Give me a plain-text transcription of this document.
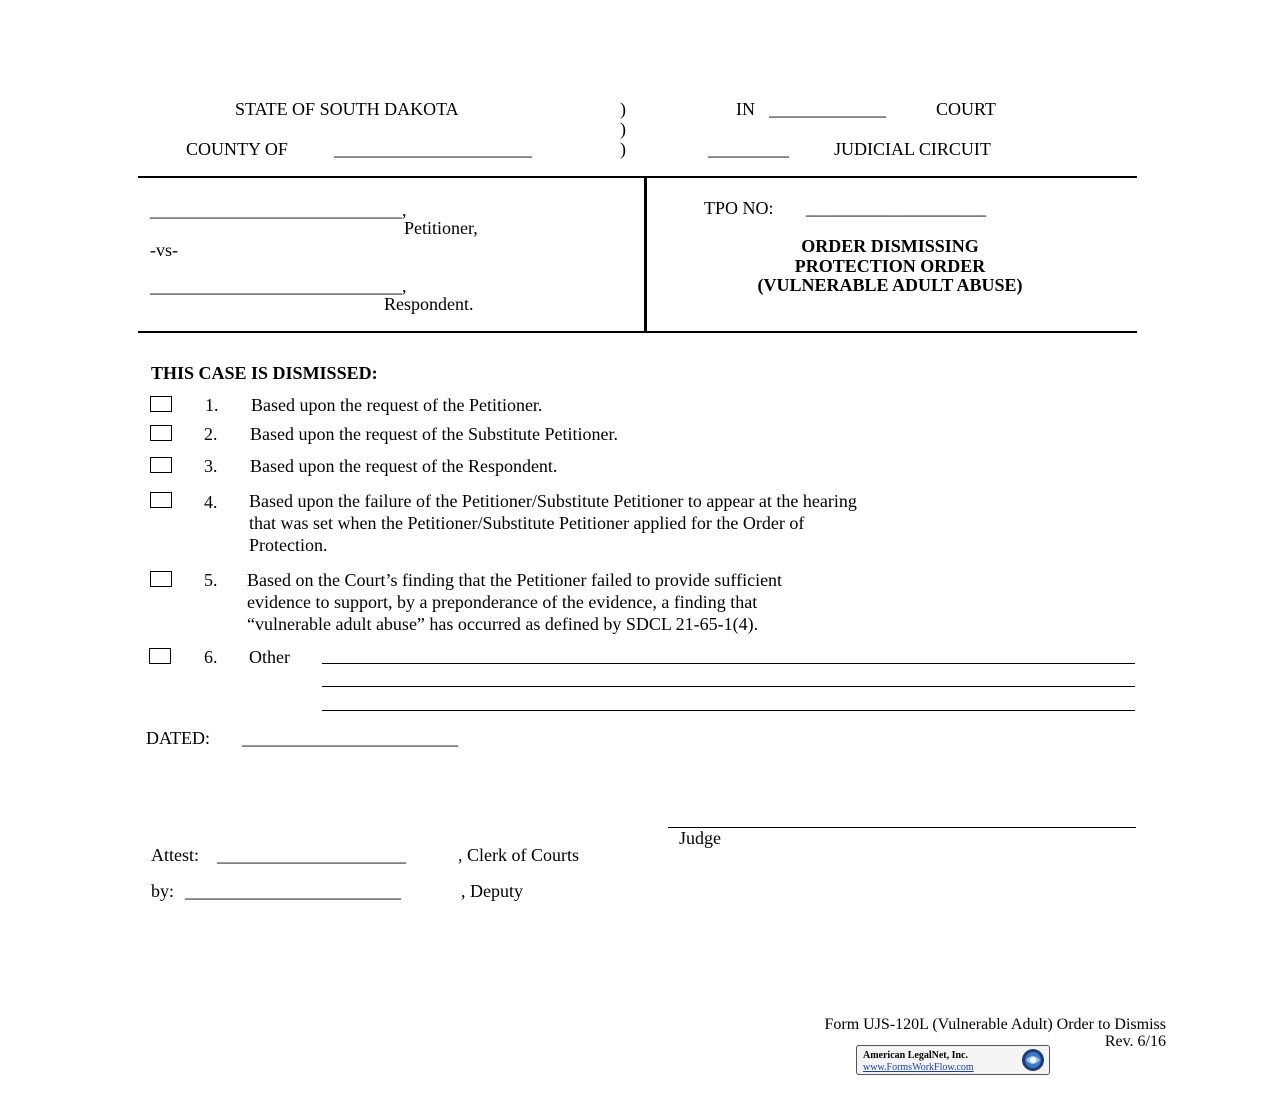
STATE OF SOUTH DAKOTA	)
)
)
COUNTY OF	______________________
IN _____________	COURT
_________	JUDICIAL CIRCUIT
____________________________,
Petitioner,
-vs-
____________________________,
Respondent.
TPO NO: ____________________
ORDER DISMISSING
PROTECTION ORDER
(VULNERABLE ADULT ABUSE)
THIS CASE IS DISMISSED:
1. Based upon the request of the Petitioner.
2. Based upon the request of the Substitute Petitioner.
3. Based upon the request of the Respondent.
4. Based upon the failure of the Petitioner/Substitute Petitioner to appear at the hearing
that was set when the Petitioner/Substitute Petitioner applied for the Order of
Protection.
5. Based on the Court’s finding that the Petitioner failed to provide sufficient
evidence to support, by a preponderance of the evidence, a finding that
“vulnerable adult abuse” has occurred as defined by SDCL 21-65-1(4).
6. Other
DATED: ________________________
Judge
Attest: _____________________	, Clerk of Courts
by: ________________________	, Deputy
Form UJS-120L (Vulnerable Adult) Order to Dismiss
Rev. 6/16
American LegalNet, Inc.
www.FormsWorkFlow.com
